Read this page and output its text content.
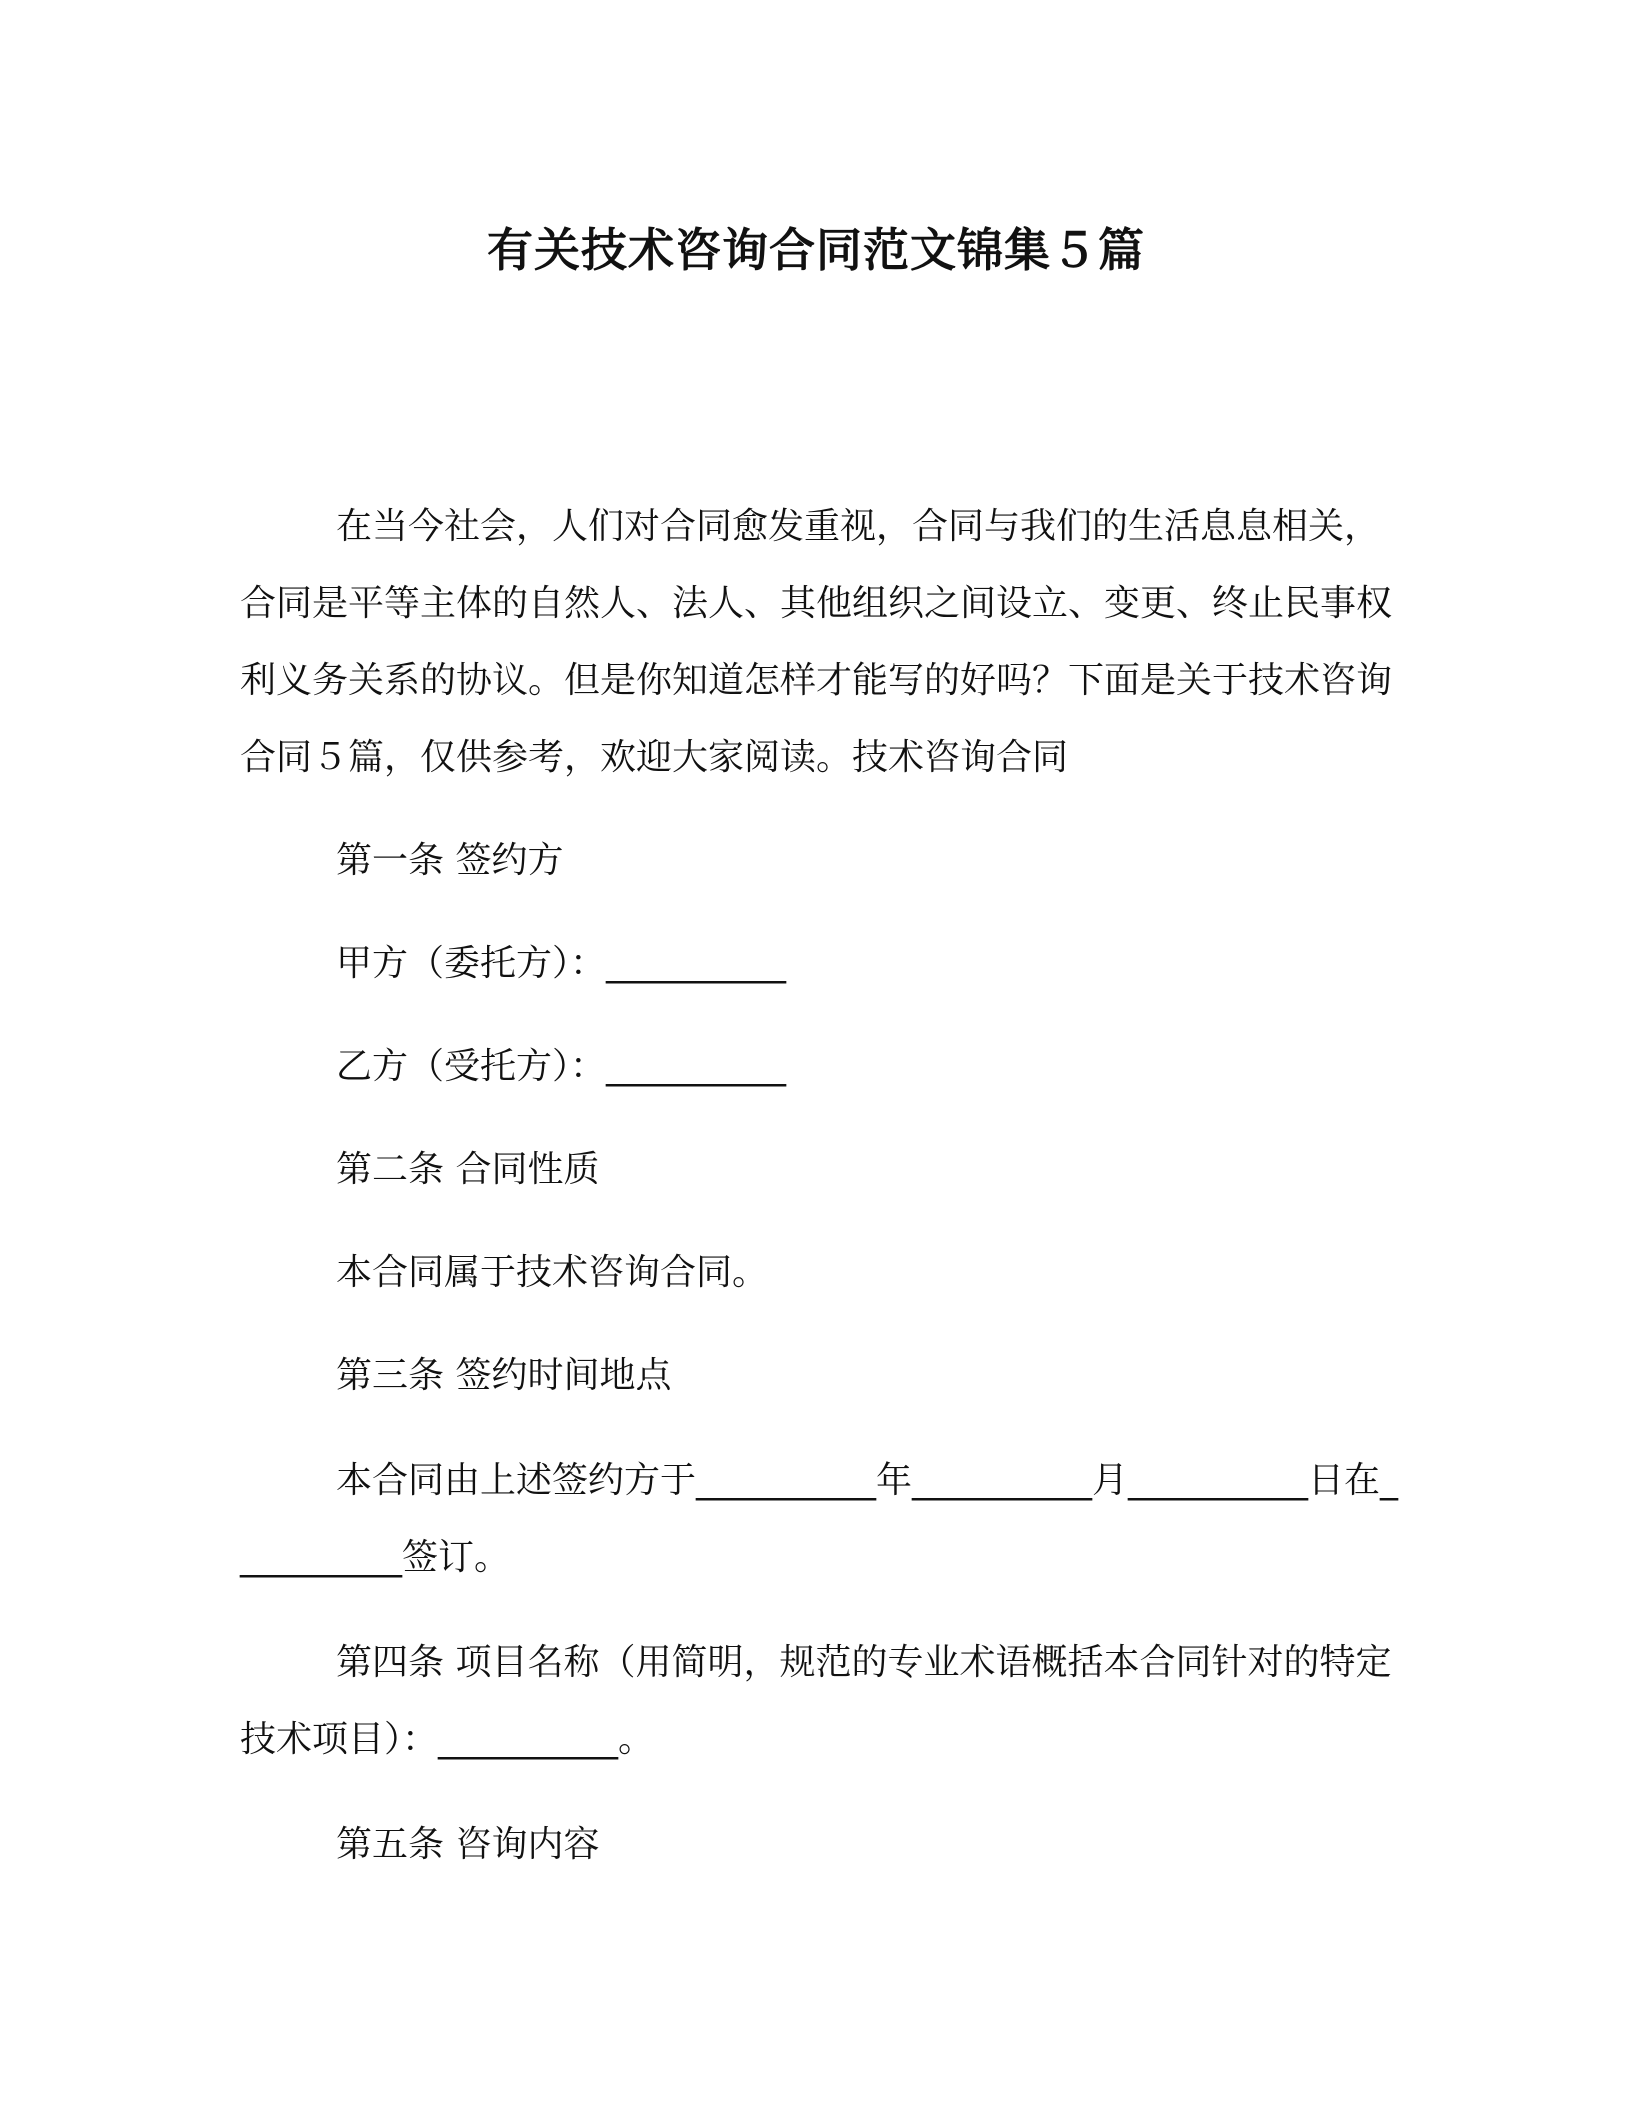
有关技术咨询合同范文锦集５篇

在当今社会，人们对合同愈发重视，合同与我们的生活息息相关，合同是平等主体的自然人、法人、其他组织之间设立、变更、终止民事权利义务关系的协议。但是你知道怎样才能写的好吗？下面是关于技术咨询合同５篇，仅供参考，欢迎大家阅读。技术咨询合同

第一条 签约方

甲方（委托方）：__________

乙方（受托方）：__________

第二条 合同性质

本合同属于技术咨询合同。

第三条 签约时间地点

本合同由上述签约方于__________年__________月__________日在__________签订。

第四条 项目名称（用简明，规范的专业术语概括本合同针对的特定技术项目）：__________。

第五条 咨询内容
